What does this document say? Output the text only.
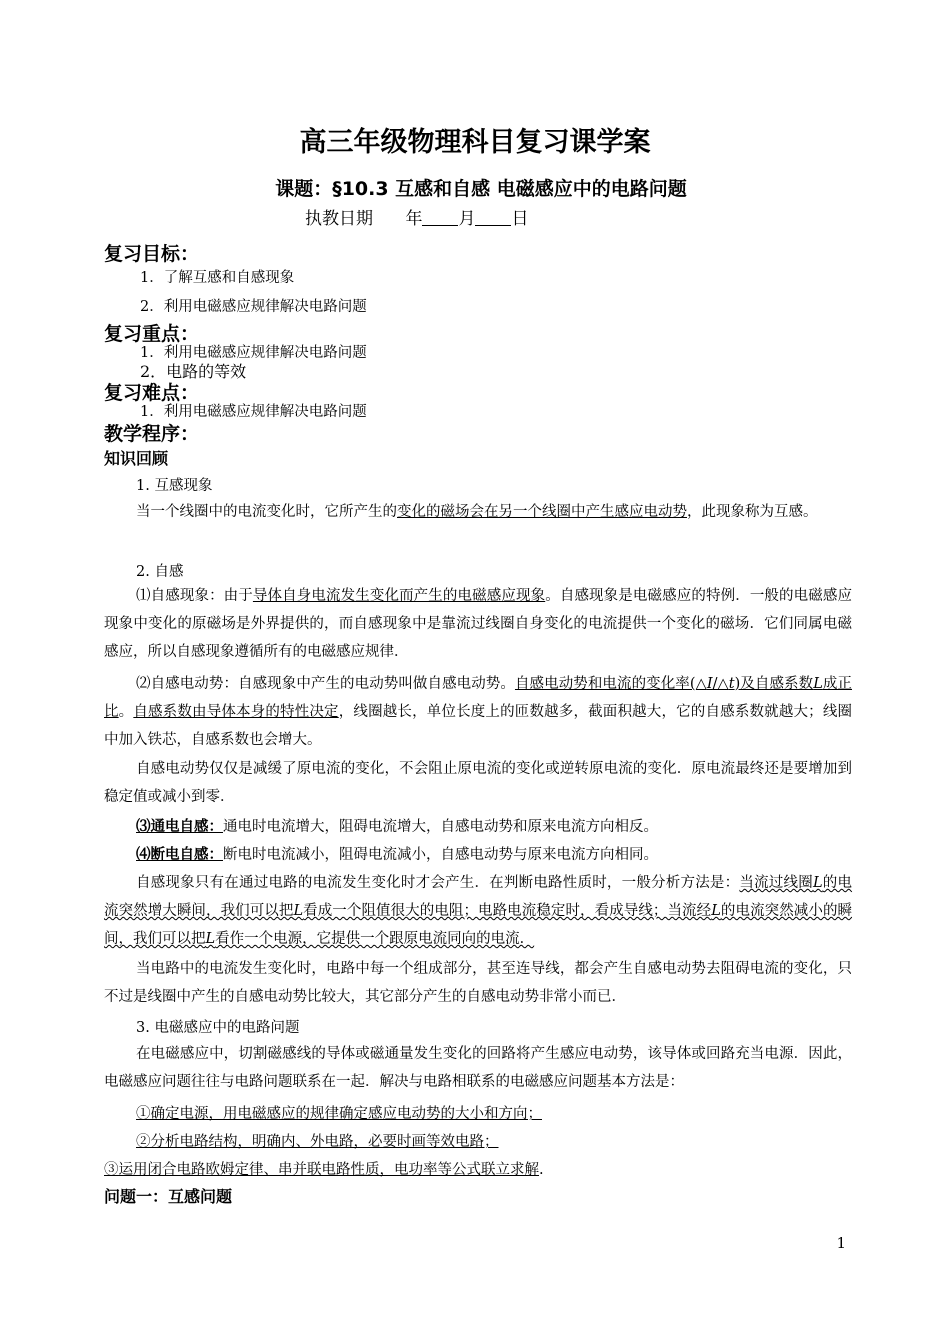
高三年级物理科目复习课学案
课题：§10.3 互感和自感 电磁感应中的电路问题
执教日期 年 月 日
复习目标：
1．了解互感和自感现象
2．利用电磁感应规律解决电路问题
复习重点：
1．利用电磁感应规律解决电路问题
2．电路的等效
复习难点：
1．利用电磁感应规律解决电路问题
教学程序：
知识回顾
1. 互感现象
当一个线圈中的电流变化时，它所产生的变化的磁场会在另一个线圈中产生感应电动势，此现象称为互感。
2. 自感
⑴自感现象：由于导体自身电流发生变化而产生的电磁感应现象。自感现象是电磁感应的特例．一般的电磁感应现象中变化的原磁场是外界提供的，而自感现象中是靠流过线圈自身变化的电流提供一个变化的磁场．它们同属电磁感应，所以自感现象遵循所有的电磁感应规律．
⑵自感电动势：自感现象中产生的电动势叫做自感电动势。自感电动势和电流的变化率(△I/△t)及自感系数L成正比。自感系数由导体本身的特性决定，线圈越长，单位长度上的匝数越多，截面积越大，它的自感系数就越大；线圈中加入铁芯，自感系数也会增大。
自感电动势仅仅是减缓了原电流的变化，不会阻止原电流的变化或逆转原电流的变化．原电流最终还是要增加到稳定值或减小到零．
⑶通电自感：通电时电流增大，阻碍电流增大，自感电动势和原来电流方向相反。
⑷断电自感：断电时电流减小，阻碍电流减小，自感电动势与原来电流方向相同。
自感现象只有在通过电路的电流发生变化时才会产生．在判断电路性质时，一般分析方法是：当流过线圈L的电流突然增大瞬间，我们可以把L看成一个阻值很大的电阻；电路电流稳定时，看成导线；当流经L的电流突然减小的瞬间，我们可以把L看作一个电源，它提供一个跟原电流同向的电流．
当电路中的电流发生变化时，电路中每一个组成部分，甚至连导线，都会产生自感电动势去阻碍电流的变化，只不过是线圈中产生的自感电动势比较大，其它部分产生的自感电动势非常小而已．
3. 电磁感应中的电路问题
在电磁感应中，切割磁感线的导体或磁通量发生变化的回路将产生感应电动势，该导体或回路充当电源．因此，电磁感应问题往往与电路问题联系在一起．解决与电路相联系的电磁感应问题基本方法是：
①确定电源，用电磁感应的规律确定感应电动势的大小和方向；
②分析电路结构，明确内、外电路，必要时画等效电路；
③运用闭合电路欧姆定律、串并联电路性质，电功率等公式联立求解.
问题一：互感问题
1
